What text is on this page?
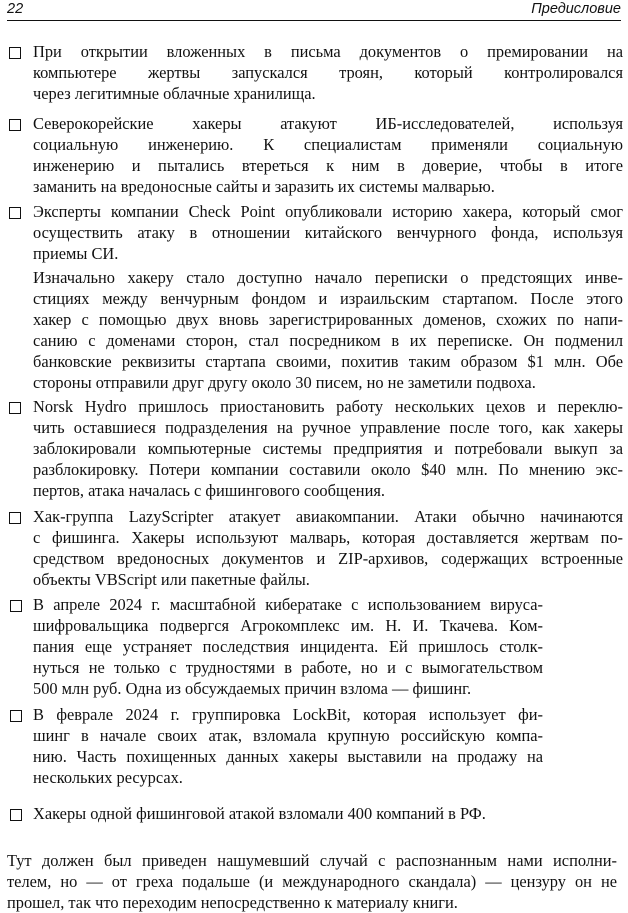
22	Предисловие
При открытии вложенных в письма документов о премировании на
компьютере жертвы запускался троян, который контролировался
через легитимные облачные хранилища.
Северокорейские хакеры атакуют ИБ-исследователей, используя
социальную инженерию. К специалистам применяли социальную
инженерию и пытались втереться к ним в доверие, чтобы в итоге
заманить на вредоносные сайты и заразить их системы малварью.
Эксперты компании Check Point опубликовали историю хакера, который смог
осуществить атаку в отношении китайского венчурного фонда, используя
приемы СИ.
Изначально хакеру стало доступно начало переписки о предстоящих инве-
стициях между венчурным фондом и израильским стартапом. После этого
хакер с помощью двух вновь зарегистрированных доменов, схожих по напи-
санию с доменами сторон, стал посредником в их переписке. Он подменил
банковские реквизиты стартапа своими, похитив таким образом $1 млн. Обе
стороны отправили друг другу около 30 писем, но не заметили подвоха.
Norsk Hydro пришлось приостановить работу нескольких цехов и переклю-
чить оставшиеся подразделения на ручное управление после того, как хакеры
заблокировали компьютерные системы предприятия и потребовали выкуп за
разблокировку. Потери компании составили около $40 млн. По мнению экс-
пертов, атака началась с фишингового сообщения.
Хак-группа LazyScripter атакует авиакомпании. Атаки обычно начинаются
с фишинга. Хакеры используют малварь, которая доставляется жертвам по-
средством вредоносных документов и ZIP-архивов, содержащих встроенные
объекты VBScript или пакетные файлы.
В апреле 2024 г. масштабной кибератаке с использованием вируса-
шифровальщика подвергся Агрокомплекс им. Н. И. Ткачева. Ком-
пания еще устраняет последствия инцидента. Ей пришлось столк-
нуться не только с трудностями в работе, но и с вымогательством
500 млн руб. Одна из обсуждаемых причин взлома — фишинг.
В феврале 2024 г. группировка LockBit, которая использует фи-
шинг в начале своих атак, взломала крупную российскую компа-
нию. Часть похищенных данных хакеры выставили на продажу на
нескольких ресурсах.
Хакеры одной фишинговой атакой взломали 400 компаний в РФ.
Тут должен был приведен нашумевший случай с распознанным нами исполни-
телем, но — от греха подальше (и международного скандала) — цензуру он не
прошел, так что переходим непосредственно к материалу книги.
